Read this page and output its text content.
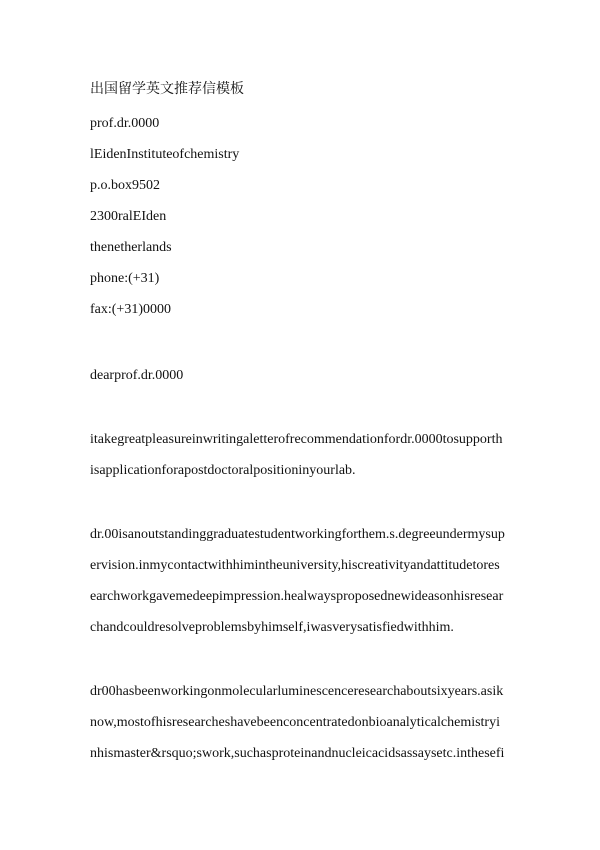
出国留学英文推荐信模板
prof.dr.0000
lEidenInstituteofchemistry
p.o.box9502
2300ralEIden
thenetherlands
phone:(+31)
fax:(+31)0000
dearprof.dr.0000
itakegreatpleasureinwritingaletterofrecommendationfordr.0000tosupporth
isapplicationforapostdoctoralpositioninyourlab.
dr.00isanoutstandinggraduatestudentworkingforthem.s.degreeundermysup
ervision.inmycontactwithhimintheuniversity,hiscreativityandattitudetores
earchworkgavemedeepimpression.healwaysproposednewideasonhisresear
chandcouldresolveproblemsbyhimself,iwasverysatisfiedwithhim.
dr00hasbeenworkingonmolecularluminescenceresearchaboutsixyears.asik
now,mostofhisresearcheshavebeenconcentratedonbioanalyticalchemistryi
nhismaster&rsquo;swork,suchasproteinandnucleicacidsassaysetc.inthesefi
